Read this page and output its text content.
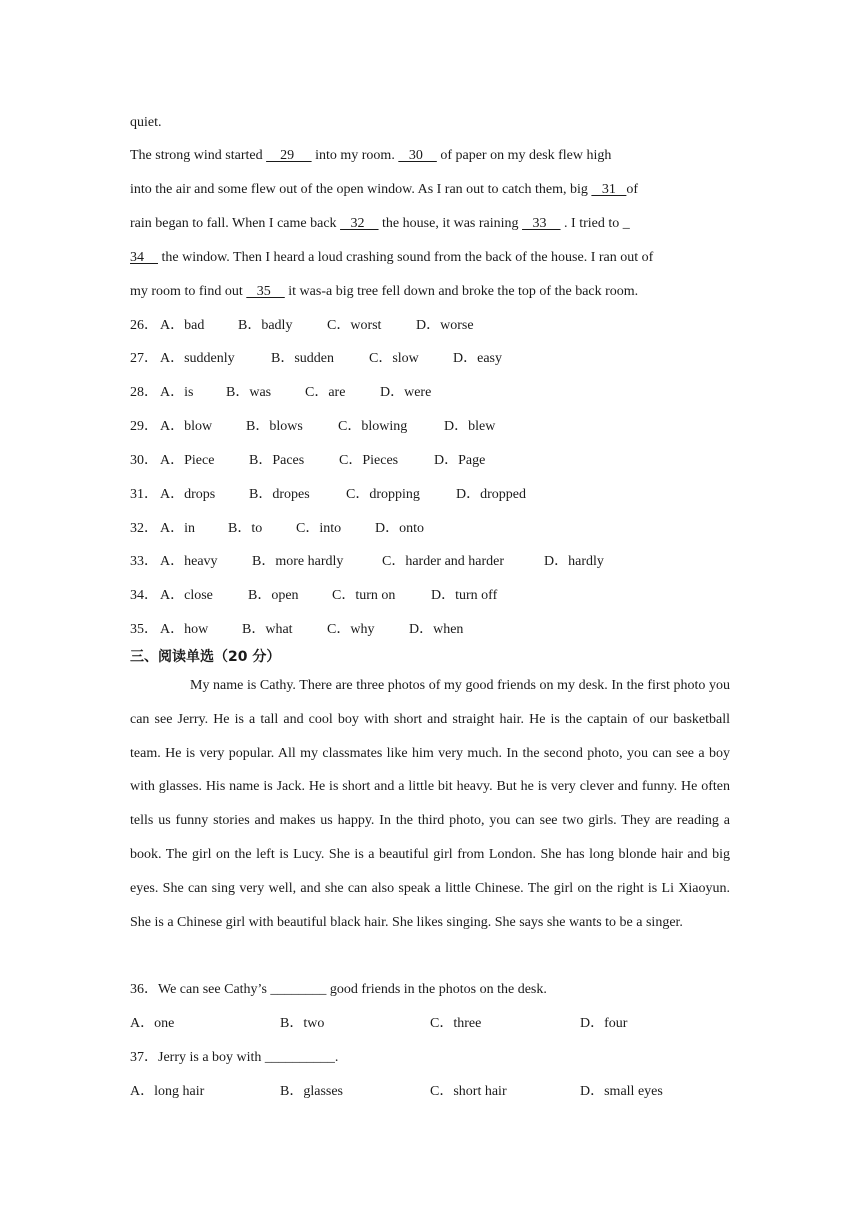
quiet.
The strong wind started     29      into my room.    30     of paper on my desk flew high
into the air and some flew out of the open window. As I ran out to catch them, big    31   of
rain began to fall. When I came back    32     the house, it was raining    33     . I tried to _
34     the window. Then I heard a loud crashing sound from the back of the house. I ran out of
my room to find out    35     it was-a big tree fell down and broke the top of the back room.
26． A．bad B．badly C．worst D．worse
27． A．suddenly	B．sudden	C．slow D．easy
28． A．is B．was C．are D．were
29． A．blow B．blows	C．blowing	D．blew
30． A．Piece B．Paces C．Pieces	D．Page
31． A．drops B．dropes	C．dropping	D．dropped
32． A．in B．to C．into D．onto
33． A．heavy B．more hardly	C．harder and harder	D．hardly
34． A．close	B．open C．turn on	D．turn off
35． A．how B．what C．why D．when
三、阅读单选（20 分）

My name is Cathy. There are three photos of my good friends on my desk. In the first photo you can see Jerry. He is a tall and cool boy with short and straight hair. He is the captain of our basketball team. He is very popular. All my classmates like him very much. In the second photo, you can see a boy with glasses. His name is Jack. He is short and a little bit heavy. But he is very clever and funny. He often tells us funny stories and makes us happy. In the third photo, you can see two girls. They are reading a book. The girl on the left is Lucy. She is a beautiful girl from London. She has long blonde hair and big eyes. She can sing very well, and she can also speak a little Chinese. The girl on the right is Li Xiaoyun. She is a Chinese girl with beautiful black hair. She likes singing. She says she wants to be a singer.

36．We can see Cathy’s ________ good friends in the photos on the desk.
A．one	B．two	C．three	D．four
37．Jerry is a boy with __________.
A．long hair	B．glasses	C．short hair	D．small eyes
